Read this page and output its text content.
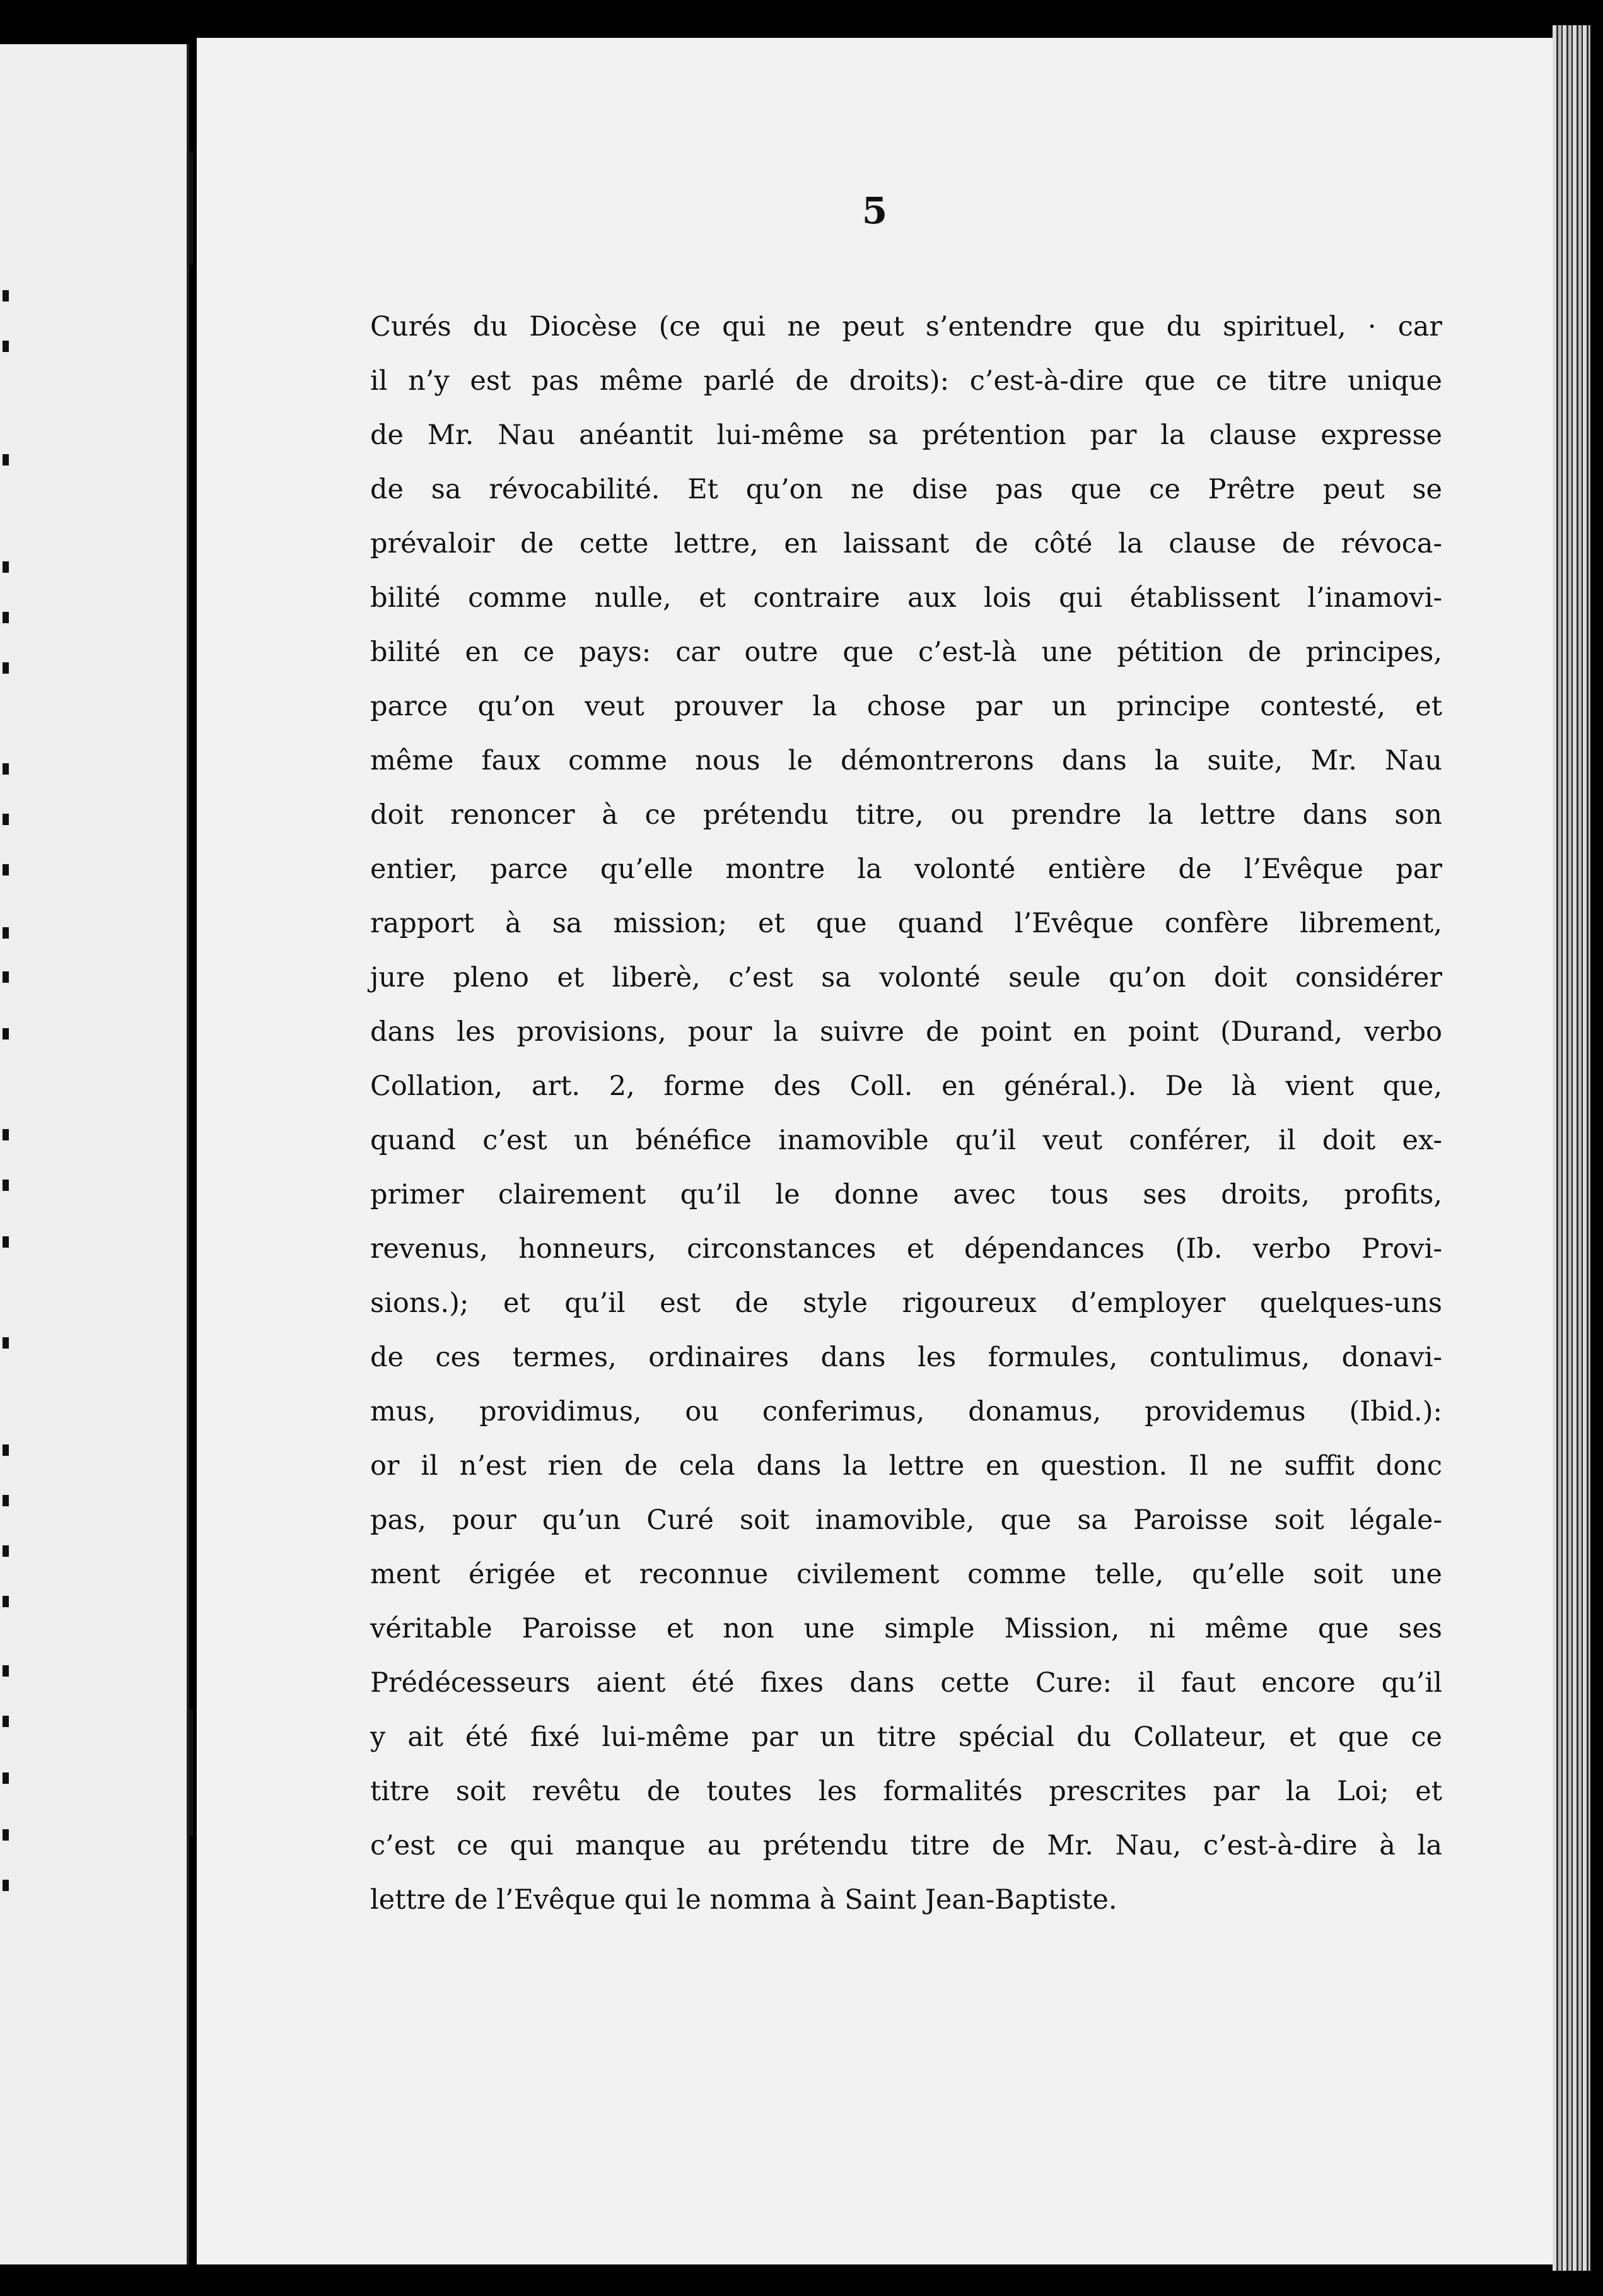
5
Curés du Diocèse (ce qui ne peut s’entendre que du spirituel, · car
il n’y est pas même parlé de droits): c’est-à-dire que ce titre unique
de Mr. Nau anéantit lui-même sa prétention par la clause expresse
de sa révocabilité. Et qu’on ne dise pas que ce Prêtre peut se
prévaloir de cette lettre, en laissant de côté la clause de révoca-
bilité comme nulle, et contraire aux lois qui établissent l’inamovi-
bilité en ce pays: car outre que c’est-là une pétition de principes,
parce qu’on veut prouver la chose par un principe contesté, et
même faux comme nous le démontrerons dans la suite, Mr. Nau
doit renoncer à ce prétendu titre, ou prendre la lettre dans son
entier, parce qu’elle montre la volonté entière de l’Evêque par
rapport à sa mission; et que quand l’Evêque confère librement,
jure pleno et liberè, c’est sa volonté seule qu’on doit considérer
dans les provisions, pour la suivre de point en point (Durand, verbo
Collation, art. 2, forme des Coll. en général.). De là vient que,
quand c’est un bénéfice inamovible qu’il veut conférer, il doit ex-
primer clairement qu’il le donne avec tous ses droits, profits,
revenus, honneurs, circonstances et dépendances (Ib. verbo Provi-
sions.); et qu’il est de style rigoureux d’employer quelques-uns
de ces termes, ordinaires dans les formules, contulimus, donavi-
mus, providimus, ou conferimus, donamus, providemus (Ibid.):
or il n’est rien de cela dans la lettre en question. Il ne suffit donc
pas, pour qu’un Curé soit inamovible, que sa Paroisse soit légale-
ment érigée et reconnue civilement comme telle, qu’elle soit une
véritable Paroisse et non une simple Mission, ni même que ses
Prédécesseurs aient été fixes dans cette Cure: il faut encore qu’il
y ait été fixé lui-même par un titre spécial du Collateur, et que ce
titre soit revêtu de toutes les formalités prescrites par la Loi; et
c’est ce qui manque au prétendu titre de Mr. Nau, c’est-à-dire à la
lettre de l’Evêque qui le nomma à Saint Jean-Baptiste.
